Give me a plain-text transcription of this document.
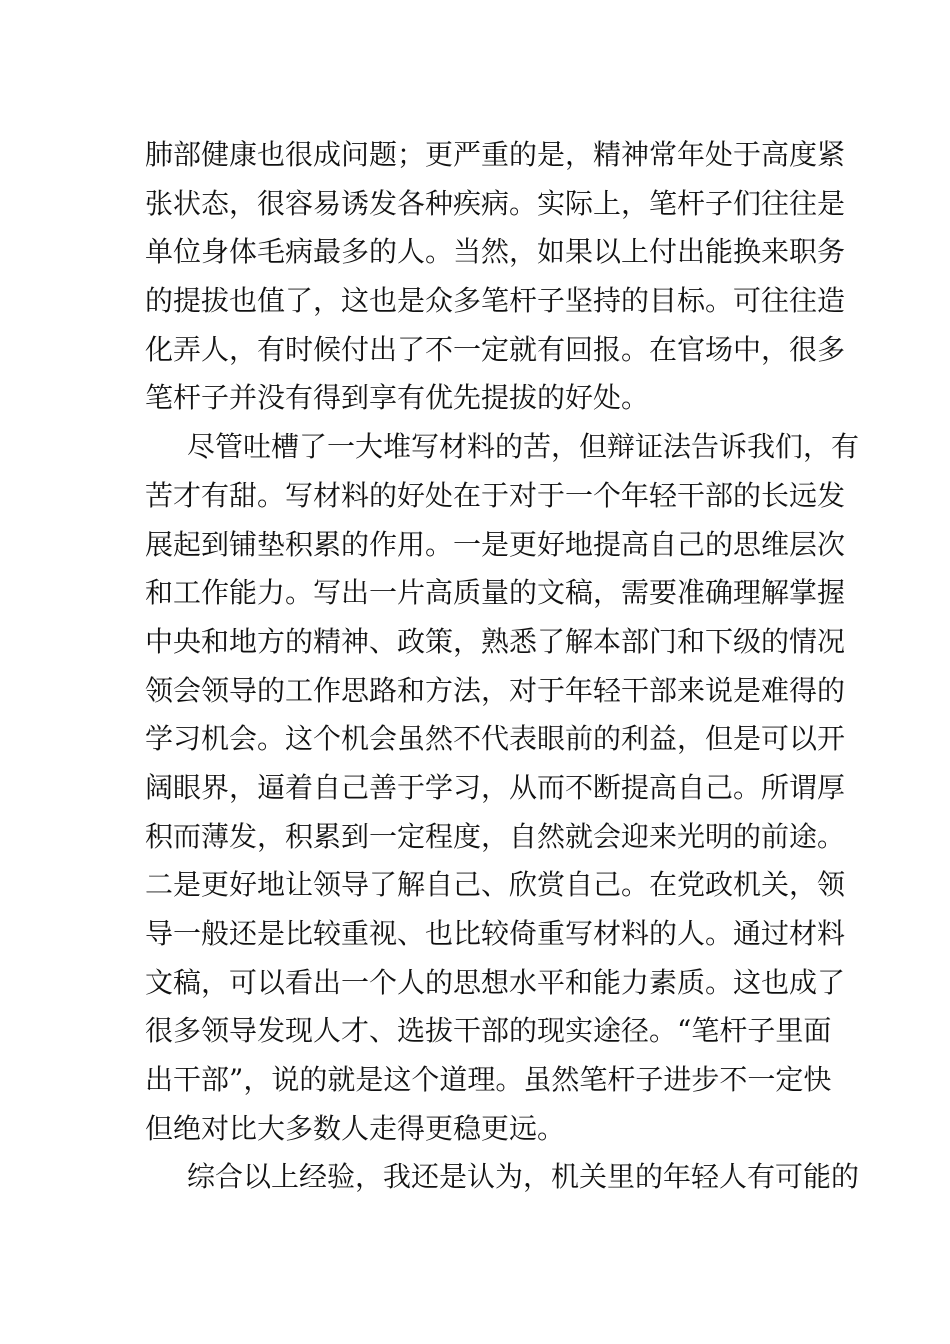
肺部健康也很成问题；更严重的是，精神常年处于高度紧
张状态，很容易诱发各种疾病。实际上，笔杆子们往往是
单位身体毛病最多的人。当然，如果以上付出能换来职务
的提拔也值了，这也是众多笔杆子坚持的目标。可往往造
化弄人，有时候付出了不一定就有回报。在官场中，很多
笔杆子并没有得到享有优先提拔的好处。
尽管吐槽了一大堆写材料的苦，但辩证法告诉我们，有
苦才有甜。写材料的好处在于对于一个年轻干部的长远发
展起到铺垫积累的作用。一是更好地提高自己的思维层次
和工作能力。写出一片高质量的文稿，需要准确理解掌握
中央和地方的精神、政策，熟悉了解本部门和下级的情况
领会领导的工作思路和方法，对于年轻干部来说是难得的
学习机会。这个机会虽然不代表眼前的利益，但是可以开
阔眼界，逼着自己善于学习，从而不断提高自己。所谓厚
积而薄发，积累到一定程度，自然就会迎来光明的前途。
二是更好地让领导了解自己、欣赏自己。在党政机关，领
导一般还是比较重视、也比较倚重写材料的人。通过材料
文稿，可以看出一个人的思想水平和能力素质。这也成了
很多领导发现人才、选拔干部的现实途径。“笔杆子里面
出干部”，说的就是这个道理。虽然笔杆子进步不一定快
但绝对比大多数人走得更稳更远。
综合以上经验，我还是认为，机关里的年轻人有可能的
